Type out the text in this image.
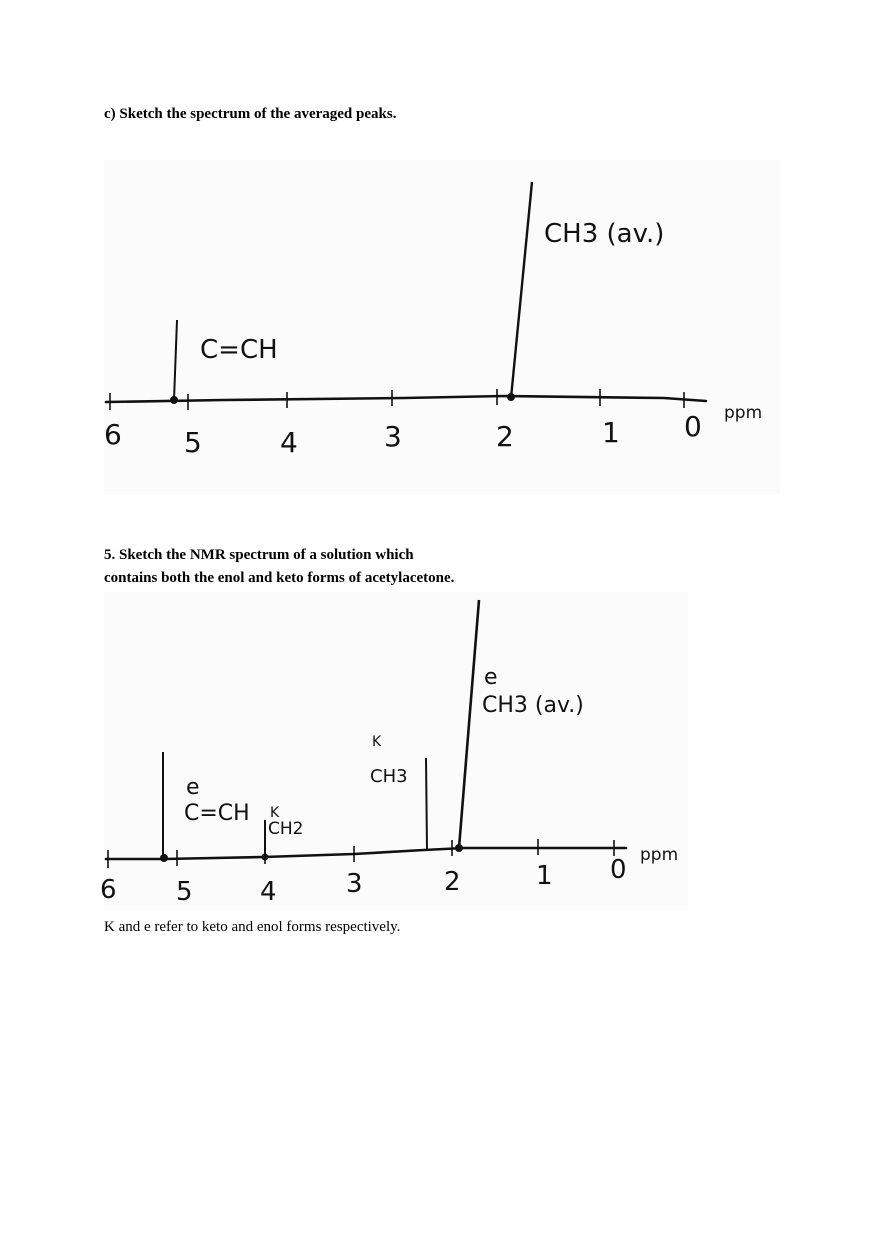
c) Sketch the spectrum of the averaged peaks.
6 5	4	3	2	1 0 ppm
C=CH
CH3 (av.)
5. Sketch the NMR spectrum of a solution which
contains both the enol and keto forms of acetylacetone.
6 5	4	3	2	1 0 ppm
e
C=CH K
CH2
K
CH3
e
CH3 (av.)
K and e refer to keto and enol forms respectively.
